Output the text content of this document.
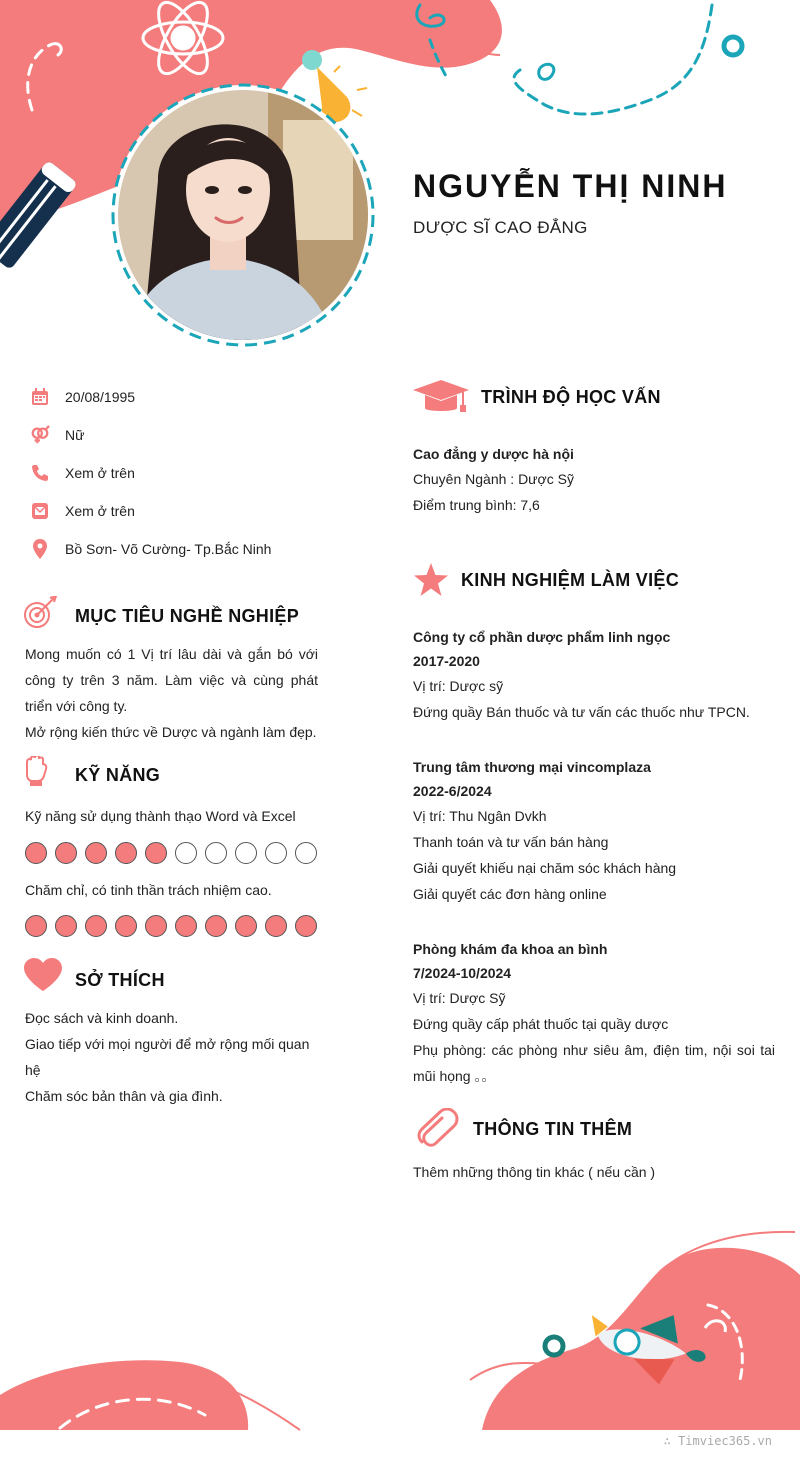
NGUYỄN THỊ NINH
DƯỢC SĨ CAO ĐẲNG
20/08/1995
Nữ
Xem ở trên
Xem ở trên
Bồ Sơn- Võ Cường- Tp.Bắc Ninh
MỤC TIÊU NGHỀ NGHIỆP
Mong muốn có 1 Vị trí lâu dài và gắn bó với công ty trên 3 năm. Làm việc và cùng phát triển với công ty.
Mở rộng kiến thức về Dược và ngành làm đẹp.
KỸ NĂNG
Kỹ năng sử dụng thành thạo Word và Excel
Chăm chỉ, có tinh thần trách nhiệm cao.
SỞ THÍCH
Đọc sách và kinh doanh.
Giao tiếp với mọi người để mở rộng mối quan hệ
Chăm sóc bản thân và gia đình.
TRÌNH ĐỘ HỌC VẤN
Cao đẳng y dược hà nội
Chuyên Ngành : Dược Sỹ
Điểm trung bình: 7,6
KINH NGHIỆM LÀM VIỆC
Công ty cổ phần dược phẩm linh ngọc
2017-2020
Vị trí: Dược sỹ
Đứng quầy Bán thuốc và tư vấn các thuốc như TPCN.
Trung tâm thương mại vincomplaza
2022-6/2024
Vị trí: Thu Ngân Dvkh
Thanh toán và tư vấn bán hàng
Giải quyết khiếu nại chăm sóc khách hàng
Giải quyết các đơn hàng online
Phòng khám đa khoa an bình
7/2024-10/2024
Vị trí: Dược Sỹ
Đứng quầy cấp phát thuốc tại quầy dược
Phụ phòng: các phòng như siêu âm, điện tim, nội soi tai mũi họng 。。
THÔNG TIN THÊM
Thêm những thông tin khác ( nếu cần )
∴ Timviec365.vn
